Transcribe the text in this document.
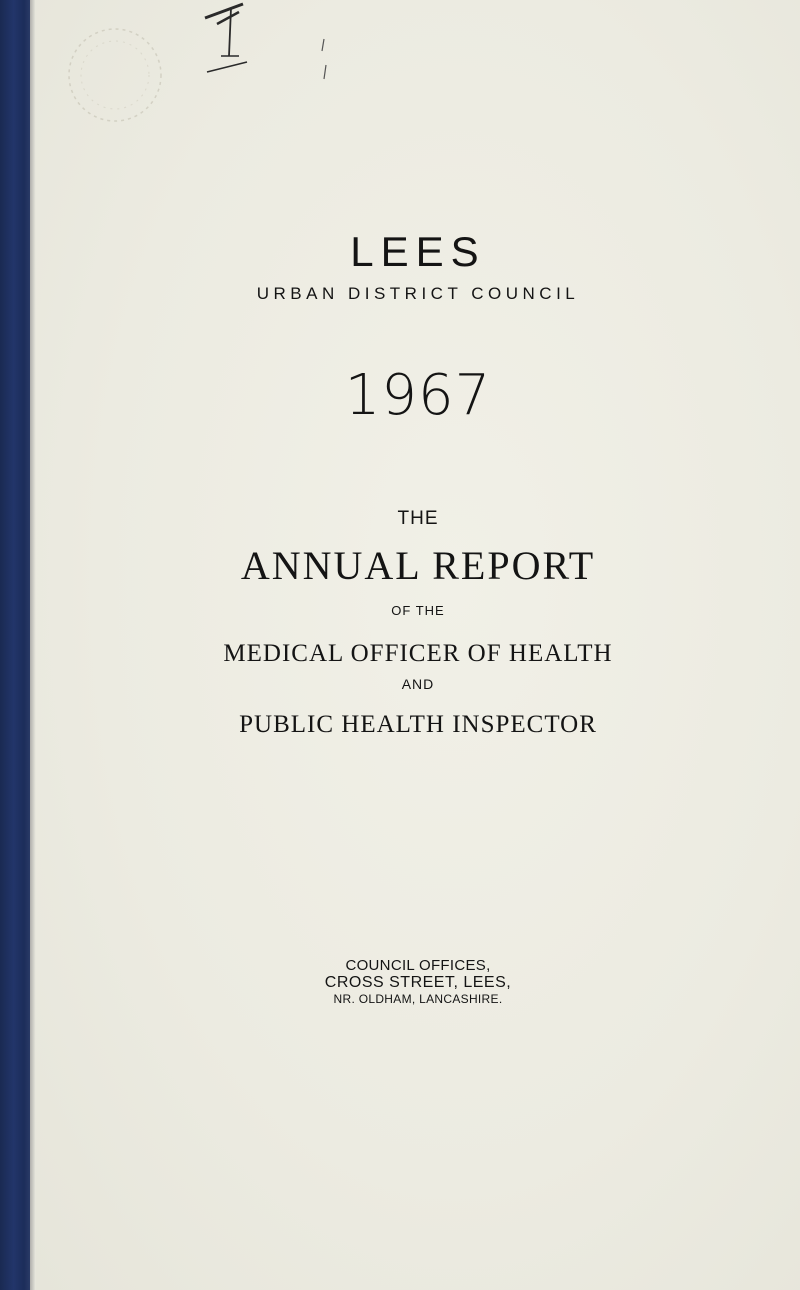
LEES
URBAN DISTRICT COUNCIL
1967
THE
ANNUAL REPORT
OF THE
MEDICAL OFFICER OF HEALTH
AND
PUBLIC HEALTH INSPECTOR
COUNCIL OFFICES,
CROSS STREET, LEES,
NR. OLDHAM, LANCASHIRE.
